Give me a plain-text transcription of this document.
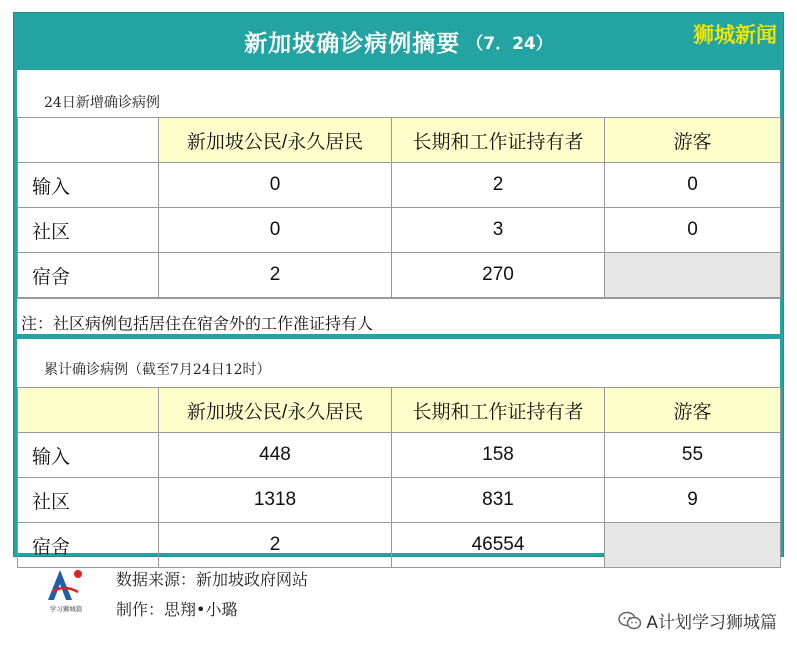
新加坡确诊病例摘要 （7．24）	狮城新闻
24日新增确诊病例
	新加坡公民/永久居民	长期和工作证持有者	游客
输入	0	2	0
社区	0	3	0
宿舍	2	270	
注：社区病例包括居住在宿舍外的工作准证持有人
累计确诊病例（截至7月24日12时）
	新加坡公民/永久居民	长期和工作证持有者	游客
输入	448	158	55
社区	1318	831	9
宿舍	2	46554	
学习狮城篇
数据来源：新加坡政府网站
制作：思翔•小璐
A计划学习狮城篇
